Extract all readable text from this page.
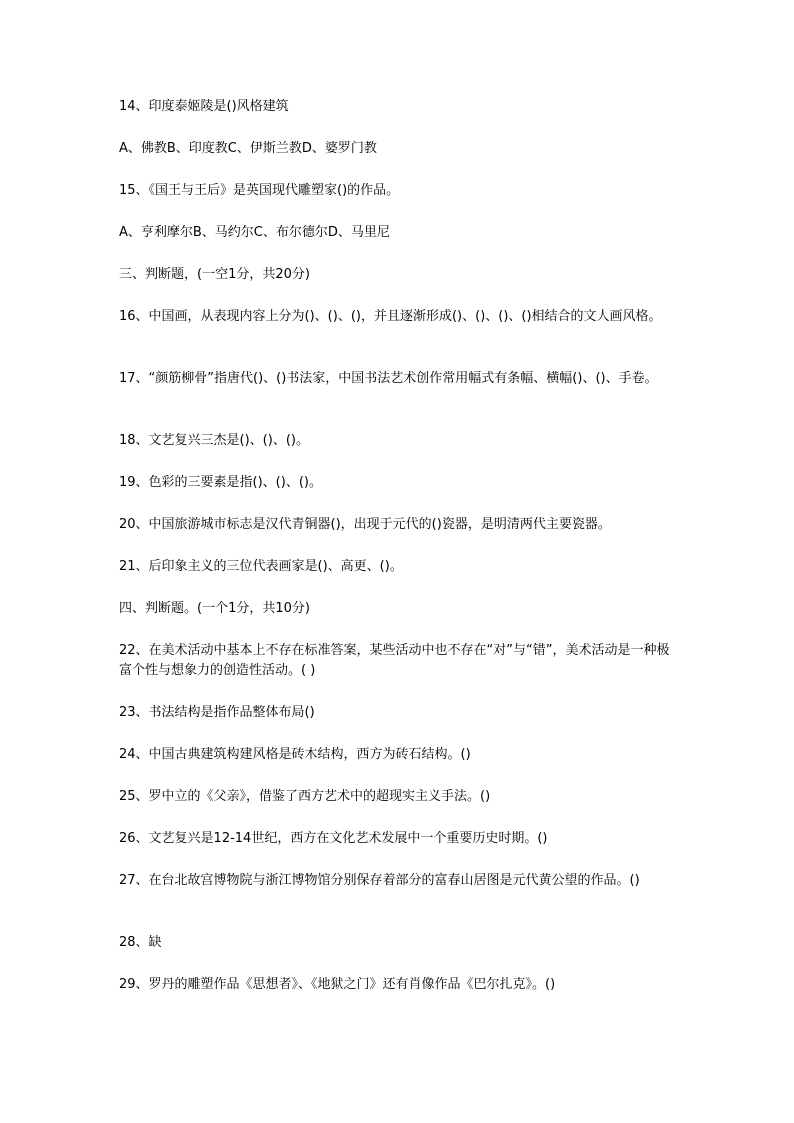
14、印度泰姬陵是()风格建筑
A、佛教B、印度教C、伊斯兰教D、婆罗门教
15、《国王与王后》是英国现代雕塑家()的作品。
A、亨利摩尔B、马约尔C、布尔德尔D、马里尼
三、判断题，(一空1分，共20分)
16、中国画，从表现内容上分为()、()、()，并且逐渐形成()、()、()、()相结合的文人画风格。
17、“颜筋柳骨”指唐代()、()书法家，中国书法艺术创作常用幅式有条幅、横幅()、()、手卷。
18、文艺复兴三杰是()、()、()。
19、色彩的三要素是指()、()、()。
20、中国旅游城市标志是汉代青铜器()，出现于元代的()瓷器，是明清两代主要瓷器。
21、后印象主义的三位代表画家是()、高更、()。
四、判断题。(一个1分，共10分)
22、在美术活动中基本上不存在标准答案，某些活动中也不存在“对”与“错”，美术活动是一种极富个性与想象力的创造性活动。( )
23、书法结构是指作品整体布局()
24、中国古典建筑构建风格是砖木结构，西方为砖石结构。()
25、罗中立的《父亲》，借鉴了西方艺术中的超现实主义手法。()
26、文艺复兴是12-14世纪，西方在文化艺术发展中一个重要历史时期。()
27、在台北故宫博物院与浙江博物馆分别保存着部分的富春山居图是元代黄公望的作品。()
28、缺
29、罗丹的雕塑作品《思想者》、《地狱之门》还有肖像作品《巴尔扎克》。()
